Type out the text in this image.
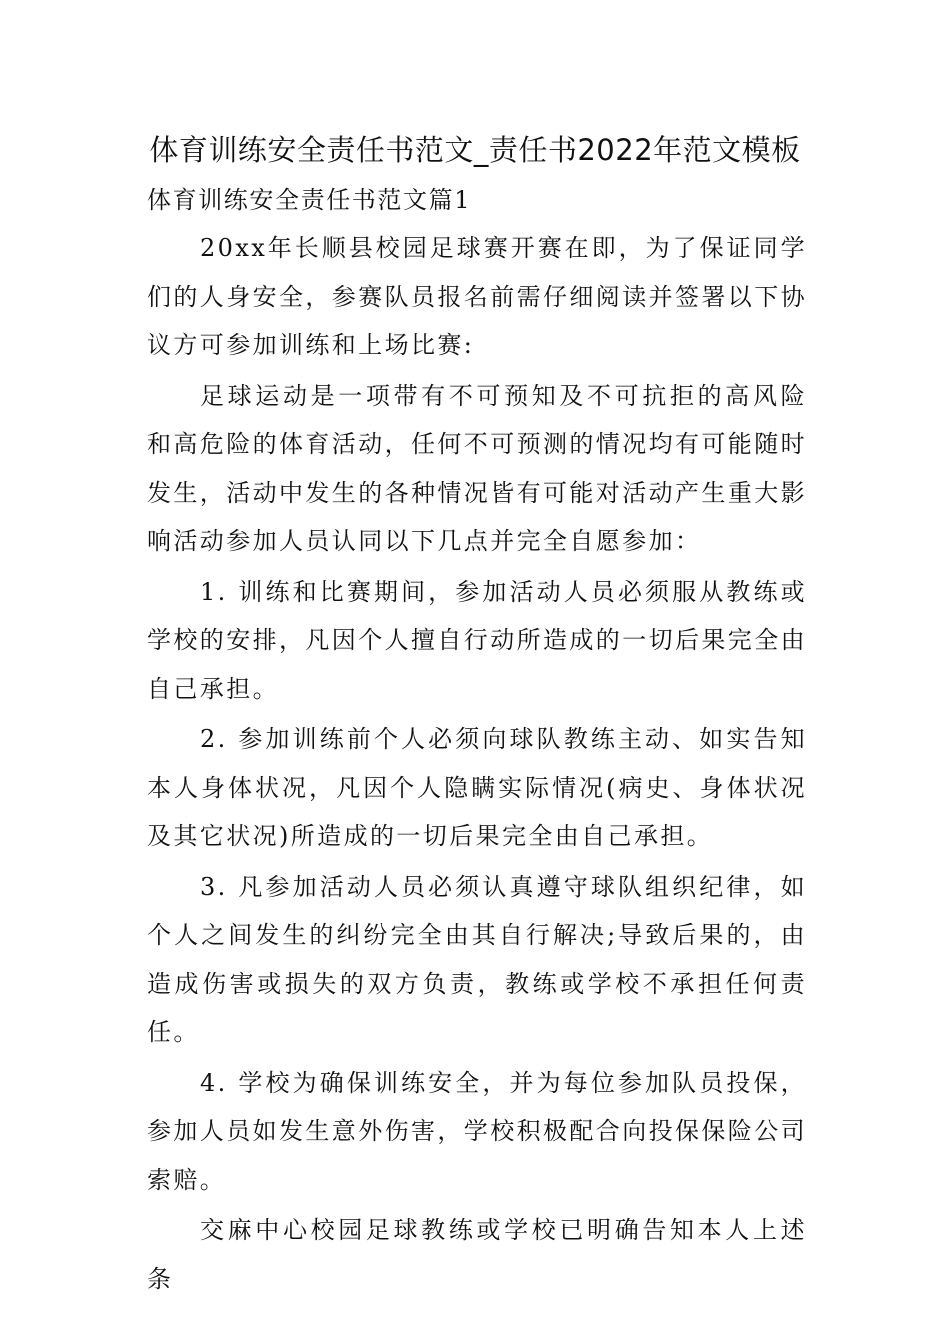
体育训练安全责任书范文_责任书2022年范文模板

体育训练安全责任书范文篇1

20xx年长顺县校园足球赛开赛在即，为了保证同学们的人身安全，参赛队员报名前需仔细阅读并签署以下协议方可参加训练和上场比赛:

足球运动是一项带有不可预知及不可抗拒的高风险和高危险的体育活动，任何不可预测的情况均有可能随时发生，活动中发生的各种情况皆有可能对活动产生重大影响活动参加人员认同以下几点并完全自愿参加：

1. 训练和比赛期间，参加活动人员必须服从教练或学校的安排，凡因个人擅自行动所造成的一切后果完全由自己承担。

2. 参加训练前个人必须向球队教练主动、如实告知本人身体状况，凡因个人隐瞒实际情况(病史、身体状况及其它状况)所造成的一切后果完全由自己承担。

3. 凡参加活动人员必须认真遵守球队组织纪律，如个人之间发生的纠纷完全由其自行解决;导致后果的，由造成伤害或损失的双方负责，教练或学校不承担任何责任。

4. 学校为确保训练安全，并为每位参加队员投保，参加人员如发生意外伤害，学校积极配合向投保保险公司索赔。

交麻中心校园足球教练或学校已明确告知本人上述条
